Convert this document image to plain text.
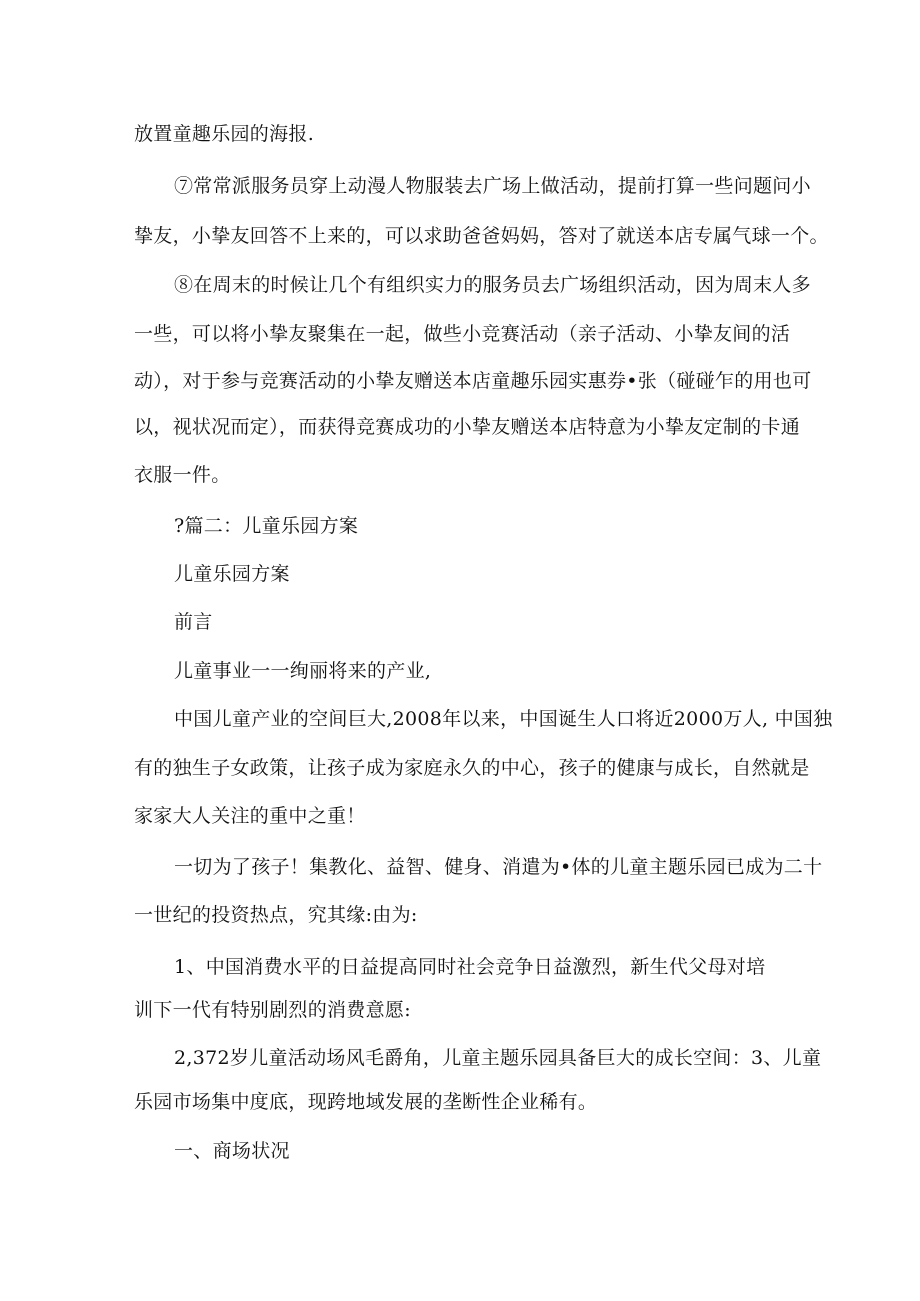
放置童趣乐园的海报.
⑦常常派服务员穿上动漫人物服装去广场上做活动，提前打算一些问题问小
挚友，小挚友回答不上来的，可以求助爸爸妈妈，答对了就送本店专属气球一个。
⑧在周末的时候让几个有组织实力的服务员去广场组织活动，因为周末人多
一些，可以将小挚友聚集在一起，做些小竞赛活动（亲子活动、小挚友间的活
动），对于参与竞赛活动的小挚友赠送本店童趣乐园实惠券•张（碰碰乍的用也可
以，视状况而定），而获得竞赛成功的小挚友赠送本店特意为小挚友定制的卡通
衣服一件。
?篇二：儿童乐园方案
儿童乐园方案
前言
儿童事业一一绚丽将来的产业,
中国儿童产业的空间巨大,2008年以来，中国诞生人口将近2000万人, 中国独
有的独生子女政策，让孩子成为家庭永久的中心，孩子的健康与成长，自然就是
家家大人关注的重中之重！
一切为了孩子！集教化、益智、健身、消遣为•体的儿童主题乐园已成为二十
一世纪的投资热点，究其缘:由为:
1、中国消费水平的日益提高同时社会竞争日益激烈，新生代父母对培
训下一代有特别剧烈的消费意愿:
2,372岁儿童活动场风毛爵角，儿童主题乐园具备巨大的成长空间：3、儿童
乐园市场集中度底，现跨地域发展的垄断性企业稀有。
一、商场状况
